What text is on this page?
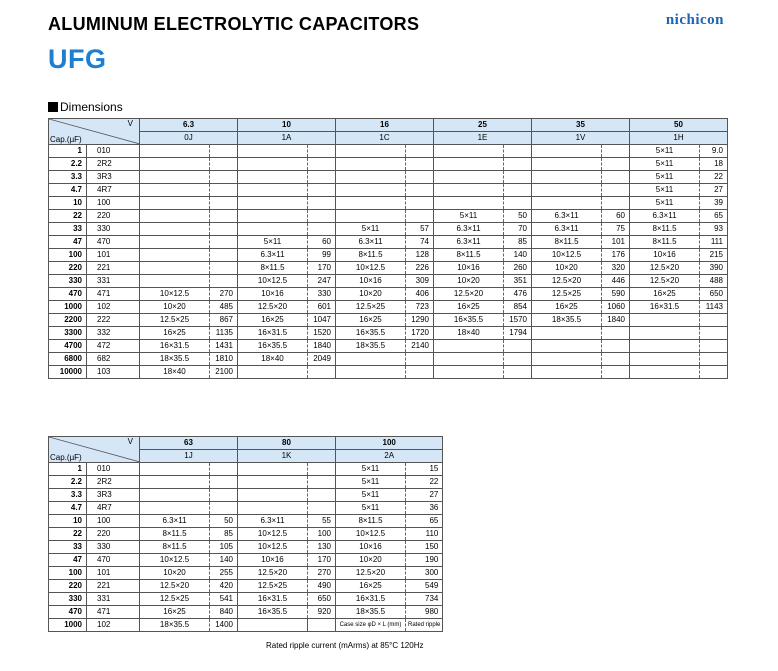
ALUMINUM ELECTROLYTIC CAPACITORS	nichicon
UFG
Dimensions
V
Cap.(µF)		6.3		10		16		25		35		50	
		0J		1A		1C		1E		1V		1H	
1	010											5×11	9.0
2.2	2R2											5×11	18
3.3	3R3											5×11	22
4.7	4R7											5×11	27
10	100											5×11	39
22	220							5×11	50	6.3×11	60	6.3×11	65
33	330					5×11	57	6.3×11	70	6.3×11	75	8×11.5	93
47	470			5×11	60	6.3×11	74	6.3×11	85	8×11.5	101	8×11.5	111
100	101			6.3×11	99	8×11.5	128	8×11.5	140	10×12.5	176	10×16	215
220	221			8×11.5	170	10×12.5	226	10×16	260	10×20	320	12.5×20	390
330	331			10×12.5	247	10×16	309	10×20	351	12.5×20	446	12.5×20	488
470	471	10×12.5	270	10×16	330	10×20	406	12.5×20	476	12.5×25	590	16×25	650
1000	102	10×20	485	12.5×20	601	12.5×25	723	16×25	854	16×25	1060	16×31.5	1143
2200	222	12.5×25	867	16×25	1047	16×25	1290	16×35.5	1570	18×35.5	1840		
3300	332	16×25	1135	16×31.5	1520	16×35.5	1720	18×40	1794				
4700	472	16×31.5	1431	16×35.5	1840	18×35.5	2140						
6800	682	18×35.5	1810	18×40	2049								
10000	103	18×40	2100										
V
Cap.(µF)		63		80		100	
		1J		1K		2A	
1	010					5×11	15
2.2	2R2					5×11	22
3.3	3R3					5×11	27
4.7	4R7					5×11	36
10	100	6.3×11	50	6.3×11	55	8×11.5	65
22	220	8×11.5	85	10×12.5	100	10×12.5	110
33	330	8×11.5	105	10×12.5	130	10×16	150
47	470	10×12.5	140	10×16	170	10×20	190
100	101	10×20	255	12.5×20	270	12.5×20	300
220	221	12.5×20	420	12.5×25	490	16×25	549
330	331	12.5×25	541	16×31.5	650	16×31.5	734
470	471	16×25	840	16×35.5	920	18×35.5	980
1000	102	18×35.5	1400			Case size φD × L (mm)	Rated ripple
Rated ripple current (mArms) at 85°C 120Hz
